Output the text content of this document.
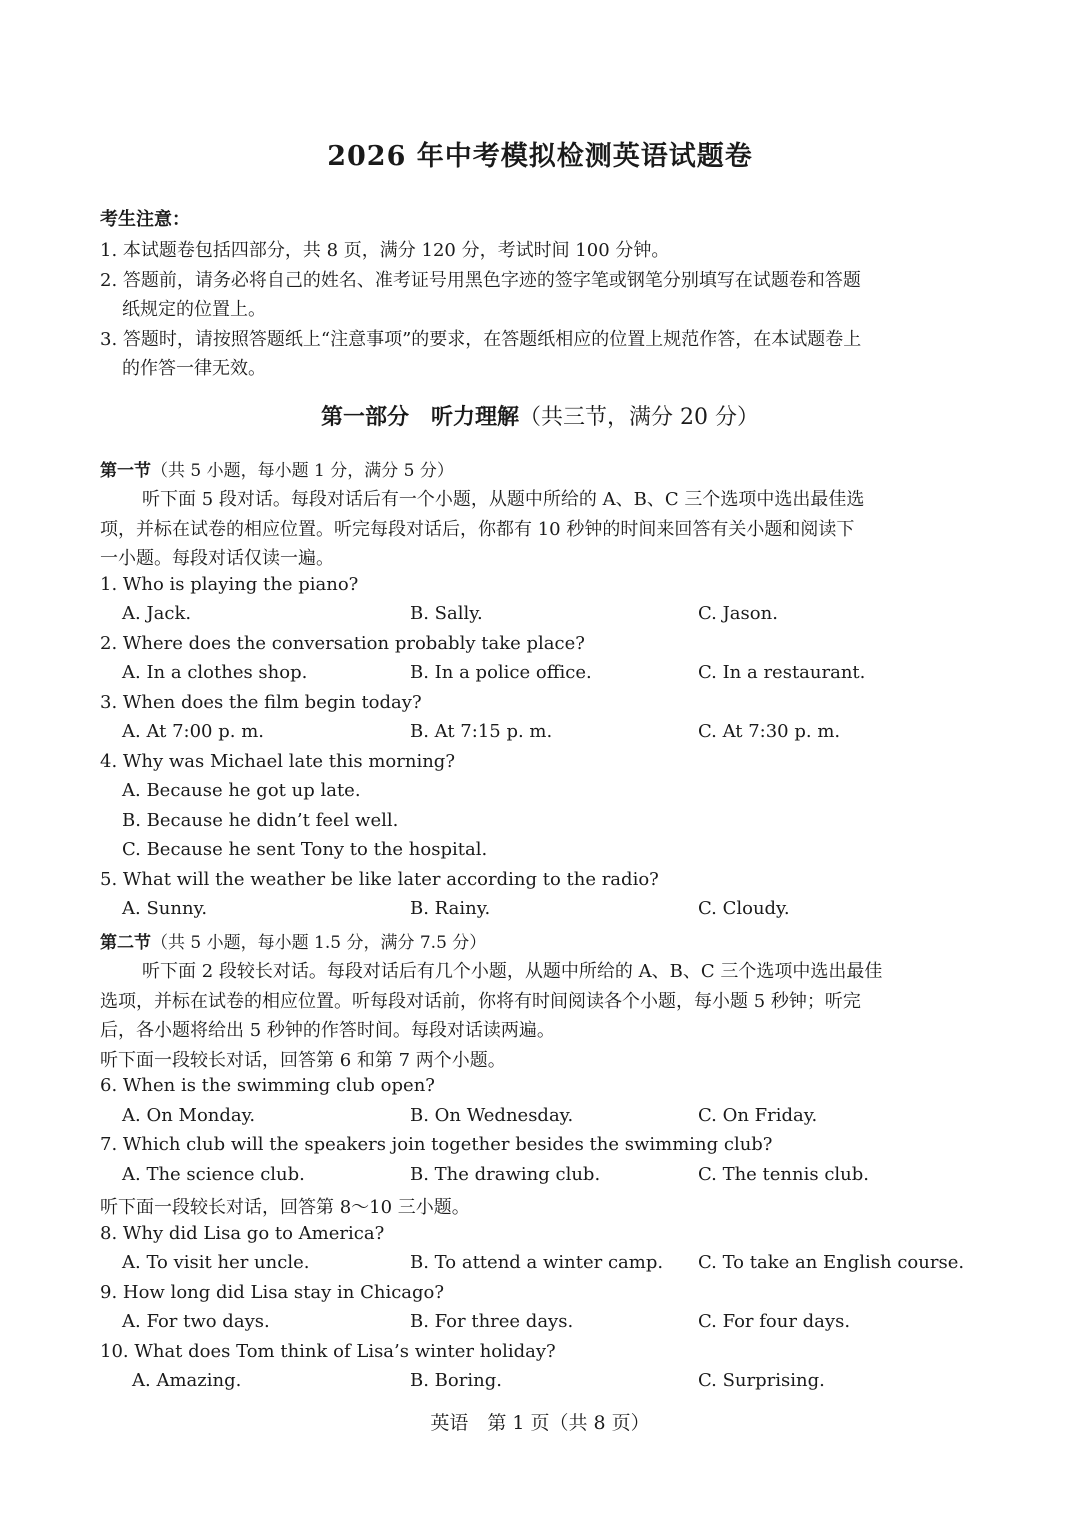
2026 年中考模拟检测英语试题卷
考生注意：
1. 本试题卷包括四部分，共 8 页，满分 120 分，考试时间 100 分钟。
2. 答题前，请务必将自己的姓名、准考证号用黑色字迹的签字笔或钢笔分别填写在试题卷和答题
纸规定的位置上。
3. 答题时，请按照答题纸上“注意事项”的要求，在答题纸相应的位置上规范作答，在本试题卷上
的作答一律无效。
第一部分　听力理解（共三节，满分 20 分）
第一节（共 5 小题，每小题 1 分，满分 5 分）
听下面 5 段对话。每段对话后有一个小题，从题中所给的 A、B、C 三个选项中选出最佳选
项，并标在试卷的相应位置。听完每段对话后，你都有 10 秒钟的时间来回答有关小题和阅读下
一小题。每段对话仅读一遍。
1. Who is playing the piano?
A. Jack.	B. Sally.	C. Jason.
2. Where does the conversation probably take place?
A. In a clothes shop.	B. In a police office.	C. In a restaurant.
3. When does the film begin today?
A. At 7:00 p. m.	B. At 7:15 p. m.	C. At 7:30 p. m.
4. Why was Michael late this morning?
A. Because he got up late.
B. Because he didn’t feel well.
C. Because he sent Tony to the hospital.
5. What will the weather be like later according to the radio?
A. Sunny.	B. Rainy.	C. Cloudy.
第二节（共 5 小题，每小题 1.5 分，满分 7.5 分）
听下面 2 段较长对话。每段对话后有几个小题，从题中所给的 A、B、C 三个选项中选出最佳
选项，并标在试卷的相应位置。听每段对话前，你将有时间阅读各个小题，每小题 5 秒钟；听完
后，各小题将给出 5 秒钟的作答时间。每段对话读两遍。
听下面一段较长对话，回答第 6 和第 7 两个小题。
6. When is the swimming club open?
A. On Monday.	B. On Wednesday.	C. On Friday.
7. Which club will the speakers join together besides the swimming club?
A. The science club.	B. The drawing club.	C. The tennis club.
听下面一段较长对话，回答第 8～10 三小题。
8. Why did Lisa go to America?
A. To visit her uncle.	B. To attend a winter camp. C. To take an English course.
9. How long did Lisa stay in Chicago?
A. For two days.	B. For three days.	C. For four days.
10. What does Tom think of Lisa’s winter holiday?
A. Amazing.	B. Boring.	C. Surprising.
英语　第 1 页（共 8 页）
